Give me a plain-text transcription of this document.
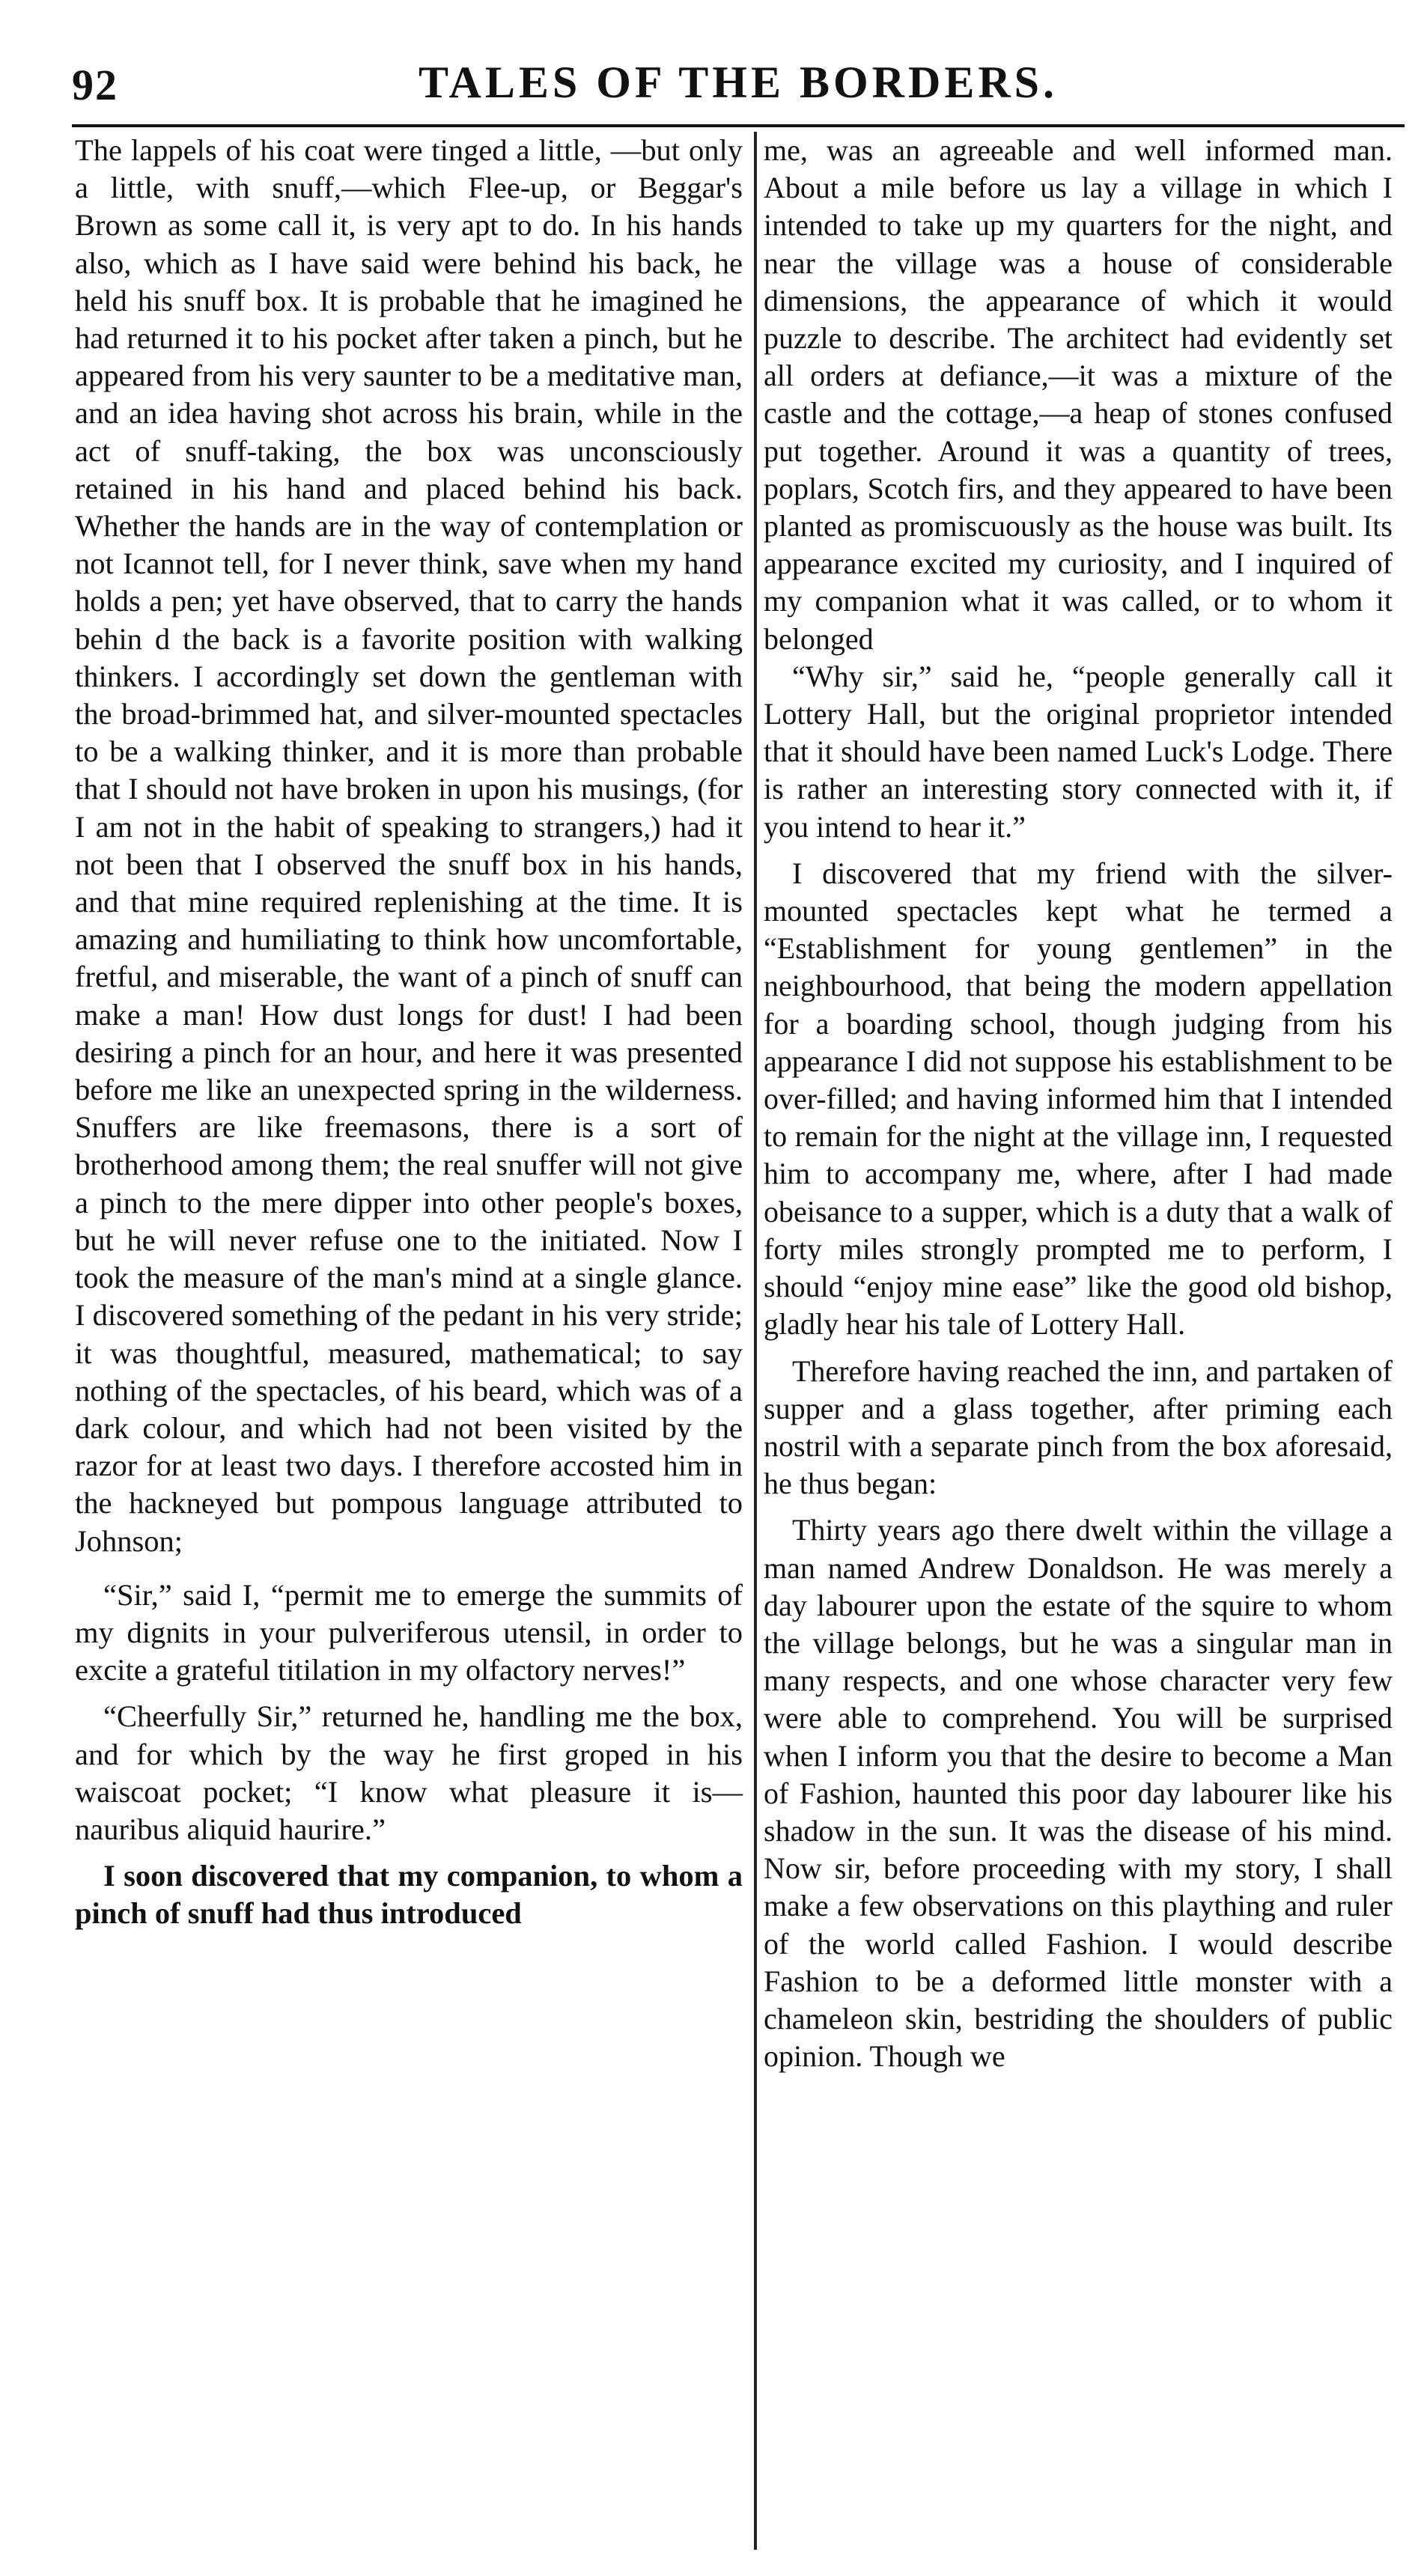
92	TALES OF THE BORDERS.

The lappels of his coat were tinged a little, —but only a little, with snuff,—which Flee-up, or Beggar's Brown as some call it, is very apt to do. In his hands also, which as I have said were behind his back, he held his snuff box. It is probable that he imagined he had returned it to his pocket after taken a pinch, but he appeared from his very saunter to be a meditative man, and an idea having shot across his brain, while in the act of snuff-taking, the box was unconsciously retained in his hand and placed behind his back. Whether the hands are in the way of contemplation or not Icannot tell, for I never think, save when my hand holds a pen; yet have observed, that to carry the hands behin d the back is a favorite position with walking thinkers. I accordingly set down the gentleman with the broad-brimmed hat, and silver-mounted spectacles to be a walking thinker, and it is more than probable that I should not have broken in upon his musings, (for I am not in the habit of speaking to strangers,) had it not been that I observed the snuff box in his hands, and that mine required replenishing at the time. It is amazing and humiliating to think how uncomfortable, fretful, and miserable, the want of a pinch of snuff can make a man! How dust longs for dust! I had been desiring a pinch for an hour, and here it was presented before me like an unexpected spring in the wilderness. Snuffers are like freemasons, there is a sort of brotherhood among them; the real snuffer will not give a pinch to the mere dipper into other people's boxes, but he will never refuse one to the initiated. Now I took the measure of the man's mind at a single glance. I discovered something of the pedant in his very stride; it was thoughtful, measured, mathematical; to say nothing of the spectacles, of his beard, which was of a dark colour, and which had not been visited by the razor for at least two days. I therefore accosted him in the hackneyed but pompous language attributed to Johnson;

“Sir,” said I, “permit me to emerge the summits of my dignits in your pulveriferous utensil, in order to excite a grateful titilation in my olfactory nerves!”

“Cheerfully Sir,” returned he, handling me the box, and for which by the way he first groped in his waiscoat pocket; “I know what pleasure it is—nauribus aliquid haurire.”

I soon discovered that my companion, to whom a pinch of snuff had thus introduced

me, was an agreeable and well informed man. About a mile before us lay a village in which I intended to take up my quarters for the night, and near the village was a house of considerable dimensions, the appearance of which it would puzzle to describe. The architect had evidently set all orders at defiance,—it was a mixture of the castle and the cottage,—a heap of stones confused put together. Around it was a quantity of trees, poplars, Scotch firs, and they appeared to have been planted as promiscuously as the house was built. Its appearance excited my curiosity, and I inquired of my companion what it was called, or to whom it belonged

“Why sir,” said he, “people generally call it Lottery Hall, but the original proprietor intended that it should have been named Luck's Lodge. There is rather an interesting story connected with it, if you intend to hear it.”

I discovered that my friend with the silver-mounted spectacles kept what he termed a “Establishment for young gentlemen” in the neighbourhood, that being the modern appellation for a boarding school, though judging from his appearance I did not suppose his establishment to be over-filled; and having informed him that I intended to remain for the night at the village inn, I requested him to accompany me, where, after I had made obeisance to a supper, which is a duty that a walk of forty miles strongly prompted me to perform, I should “enjoy mine ease” like the good old bishop, gladly hear his tale of Lottery Hall.

Therefore having reached the inn, and partaken of supper and a glass together, after priming each nostril with a separate pinch from the box aforesaid, he thus began:

Thirty years ago there dwelt within the village a man named Andrew Donaldson. He was merely a day labourer upon the estate of the squire to whom the village belongs, but he was a singular man in many respects, and one whose character very few were able to comprehend. You will be surprised when I inform you that the desire to become a Man of Fashion, haunted this poor day labourer like his shadow in the sun. It was the disease of his mind. Now sir, before proceeding with my story, I shall make a few observations on this plaything and ruler of the world called Fashion. I would describe Fashion to be a deformed little monster with a chameleon skin, bestriding the shoulders of public opinion. Though we
